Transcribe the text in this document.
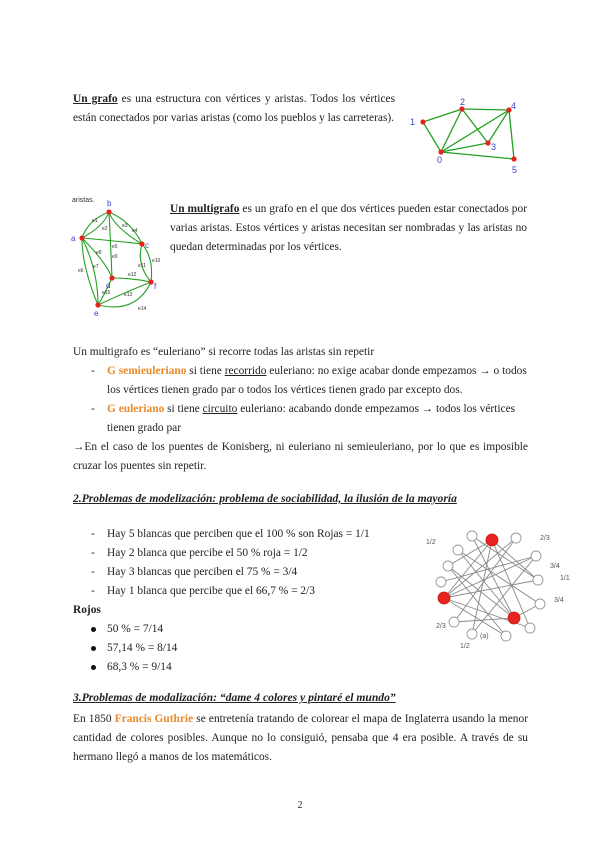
Un grafo es una estructura con vértices y aristas. Todos los vértices están conectados por varias aristas (como los pueblos y las carreteras). 1
2	4
3
0
5
aristas. b
a
c
d	f
e
e1
e2	e3
e4
e5
e6
e7
e8
e9
e10
e11
e12
e13
e14
e15
Un multigrafo es un grafo en el que dos vértices pueden estar conectados por varias aristas. Estos vértices y aristas necesitan ser nombradas y las aristas no quedan determinadas por los vértices.
Un multigrafo es “euleriano” si recorre todas las aristas sin repetir
- G semieuleriano si tiene recorrido euleriano: no exige acabar donde empezamos → o todos los vértices tienen grado par o todos los vértices tienen grado par excepto dos.
- G euleriano si tiene circuito euleriano: acabando donde empezamos → todos los vértices tienen grado par
→En el caso de los puentes de Konisberg, ni euleriano ni semieuleriano, por lo que es imposible cruzar los puentes sin repetir.
2.Problemas de modelización: problema de sociabilidad, la ilusión de la mayoría
- Hay 5 blancas que perciben que el 100 % son Rojas = 1/1
- Hay 2 blanca que percibe el 50 % roja = 1/2
- Hay 3 blancas que perciben el 75 % = 3/4
- Hay 1 blanca que percibe que el 66,7 % = 2/3
Rojos
50 % = 7/14
57,14 % = 8/14
68,3 % = 9/14
1/2
2/3
3/4
1/1
3/4
2/3
1/2
(a)
3.Problemas de modalización: “dame 4 colores y pintaré el mundo”
En 1850 Francis Guthrie se entretenía tratando de colorear el mapa de Inglaterra usando la menor cantidad de colores posibles. Aunque no lo consiguió, pensaba que 4 era posible. A través de su hermano llegó a manos de los matemáticos.
2
